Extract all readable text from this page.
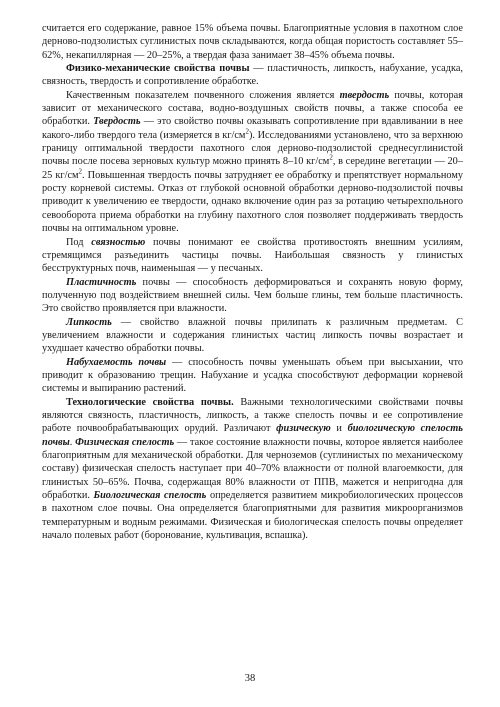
считается его содержание, равное 15% объема почвы. Благоприятные условия в пахотном слое дерново-подзолистых суглинистых почв складываются, когда общая пористость составляет 55–62%, некапиллярная — 20–25%, а твердая фаза занимает 38–45% объема почвы.

Физико-механические свойства почвы — пластичность, липкость, набухание, усадка, связность, твердость и сопротивление обработке.

Качественным показателем почвенного сложения является твердость почвы, которая зависит от механического состава, водно-воздушных свойств почвы, а также способа ее обработки. Твердость — это свойство почвы оказывать сопротивление при вдавливании в нее какого-либо твердого тела (измеряется в $кг/см^2$). Исследованиями установлено, что за верхнюю границу оптимальной твердости пахотного слоя дерново-подзолистой среднесуглинистой почвы после посева зерновых культур можно принять 8–10 $кг/см^2$, в середине вегетации — 20–25 $кг/см^2$. Повышенная твердость почвы затрудняет ее обработку и препятствует нормальному росту корневой системы. Отказ от глубокой основной обработки дерново-подзолистой почвы приводит к увеличению ее твердости, однако включение один раз за ротацию четырехпольного севооборота приема обработки на глубину пахотного слоя позволяет поддерживать твердость почвы на оптимальном уровне.

Под связностью почвы понимают ее свойства противостоять внешним усилиям, стремящимся разъединить частицы почвы. Наибольшая связность у глинистых бесструктурных почв, наименьшая — у песчаных.

Пластичность почвы — способность деформироваться и сохранять новую форму, полученную под воздействием внешней силы. Чем больше глины, тем больше пластичность. Это свойство проявляется при влажности.

Липкость — свойство влажной почвы прилипать к различным предметам. С увеличением влажности и содержания глинистых частиц липкость почвы возрастает и ухудшает качество обработки почвы.

Набухаемость почвы — способность почвы уменьшать объем при высыхании, что приводит к образованию трещин. Набухание и усадка способствуют деформации корневой системы и выпиранию растений.

Технологические свойства почвы. Важными технологическими свойствами почвы являются связность, пластичность, липкость, а также спелость почвы и ее сопротивление работе почвообрабатывающих орудий. Различают физическую и биологическую спелость почвы. Физическая спелость — такое состояние влажности почвы, которое является наиболее благоприятным для механической обработки. Для черноземов (суглинистых по механическому составу) физическая спелость наступает при 40–70% влажности от полной влагоемкости, для глинистых 50–65%. Почва, содержащая 80% влажности от ППВ, мажется и непригодна для обработки. Биологическая спелость определяется развитием микробиологических процессов в пахотном слое почвы. Она определяется благоприятными для развития микроорганизмов температурным и водным режимами. Физическая и биологическая спелость почвы определяет начало полевых работ (боронование, культивация, вспашка).

38
